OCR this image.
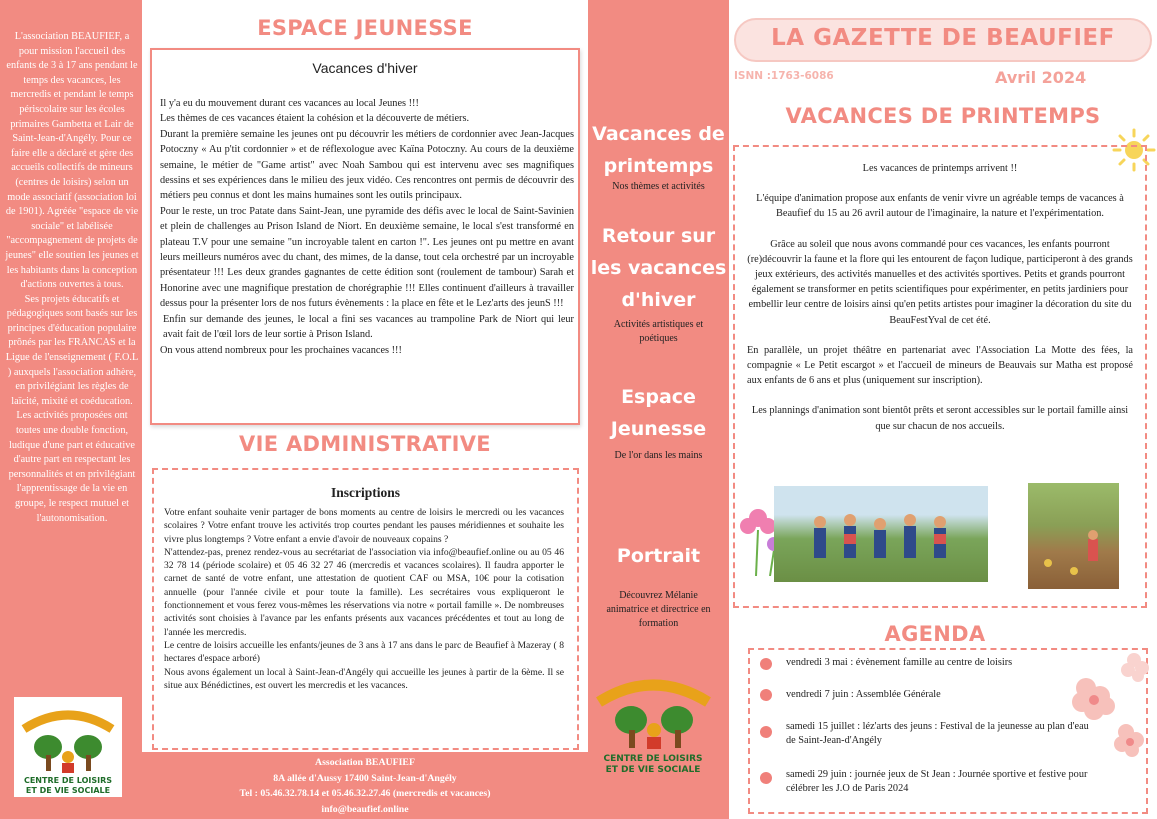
L'association BEAUFIEF, a pour mission l'accueil des enfants de 3 à 17 ans pendant le temps des vacances, les mercredis et pendant le temps périscolaire sur les écoles primaires Gambetta et Lair de Saint-Jean-d'Angély. Pour ce faire elle a déclaré et gère des accueils collectifs de mineurs (centres de loisirs) selon un mode associatif (association loi de 1901). Agréée "espace de vie sociale" et labélisée "accompagnement de projets de jeunes" elle soutien les jeunes et les habitants dans la conception d'actions ouvertes à tous.

Ses projets éducatifs et pédagogiques sont basés sur les principes d'éducation populaire prônés par les FRANCAS et la Ligue de l'enseignement ( F.O.L ) auxquels l'association adhère, en privilégiant les règles de laïcité, mixité et coéducation.

Les activités proposées ont toutes une double fonction, ludique d'une part et éducative d'autre part en respectant les personnalités et en privilégiant l'apprentissage de la vie en groupe, le respect mutuel et l'autonomisation.

CENTRE DE LOISIRS
ET DE VIE SOCIALE
ESPACE JEUNESSE
Vacances d'hiver

Il y'a eu du mouvement durant ces vacances au local Jeunes !!!

Les thèmes de ces vacances étaient la cohésion et la découverte de métiers.

Durant la première semaine les jeunes ont pu découvrir les métiers de cordonnier avec Jean-Jacques Potoczny « Au p'tit cordonnier » et de réflexologue avec Kaïna Potoczny. Au cours de la deuxième semaine, le métier de "Game artist" avec Noah Sambou qui est intervenu avec ses magnifiques dessins et ses expériences dans le milieu des jeux vidéo. Ces rencontres ont permis de découvrir des métiers peu connus et dont les mains humaines sont les outils principaux.

Pour le reste, un troc Patate dans Saint-Jean, une pyramide des défis avec le local de Saint-Savinien et plein de challenges au Prison Island de Niort. En deuxième semaine, le local s'est transformé en plateau T.V pour une semaine "un incroyable talent en carton !". Les jeunes ont pu mettre en avant leurs meilleurs numéros avec du chant, des mimes, de la danse, tout cela orchestré par un incroyable présentateur !!! Les deux grandes gagnantes de cette édition sont (roulement de tambour) Sarah et Honorine avec une magnifique prestation de chorégraphie !!! Elles continuent d'ailleurs à travailler dessus pour la présenter lors de nos futurs évènements : la place en fête et le Lez'arts des jeunS !!!

Enfin sur demande des jeunes, le local a fini ses vacances au trampoline Park de Niort qui leur avait fait de l'œil lors de leur sortie à Prison Island.

On vous attend nombreux pour les prochaines vacances !!!

VIE ADMINISTRATIVE
Inscriptions

Votre enfant souhaite venir partager de bons moments au centre de loisirs le mercredi ou les vacances scolaires ? Votre enfant trouve les activités trop courtes pendant les pauses méridiennes et souhaite les vivre plus longtemps ? Votre enfant a envie d'avoir de nouveaux copains ?

N'attendez-pas, prenez rendez-vous au secrétariat de l'association via info@beaufief.online ou au 05 46 32 78 14 (période scolaire) et 05 46 32 27 46 (mercredis et vacances scolaires). Il faudra apporter le carnet de santé de votre enfant, une attestation de quotient CAF ou MSA, 10€ pour la cotisation annuelle (pour l'année civile et pour toute la famille). Les secrétaires vous expliqueront le fonctionnement et vous ferez vous-mêmes les réservations via notre « portail famille ». De nombreuses activités sont choisies à l'avance par les enfants présents aux vacances précédentes et tout au long de l'année les mercredis.

Le centre de loisirs accueille les enfants/jeunes de 3 ans à 17 ans dans le parc de Beaufief à Mazeray ( 8 hectares d'espace arboré)

Nous avons également un local à Saint-Jean-d'Angély qui accueille les jeunes à partir de la 6ème. Il se situe aux Bénédictines, est ouvert les mercredis et les vacances.

Association BEAUFIEF
8A allée d'Aussy 17400 Saint-Jean-d'Angély
Tel : 05.46.32.78.14 et 05.46.32.27.46 (mercredis et vacances)
info@beaufief.online
Vacances de printemps
Nos thèmes et activités
Retour sur les vacances d'hiver
Activités artistiques et poétiques
Espace Jeunesse
De l'or dans les mains
Portrait
Découvrez Mélanie animatrice et directrice en formation
CENTRE DE LOISIRS
ET DE VIE SOCIALE
LA GAZETTE DE BEAUFIEF
ISNN :1763-6086	Avril 2024
VACANCES DE PRINTEMPS

Les vacances de printemps arrivent !!

L'équipe d'animation propose aux enfants de venir vivre un agréable temps de vacances à Beaufief du 15 au 26 avril autour de l'imaginaire, la nature et l'expérimentation.

Grâce au soleil que nous avons commandé pour ces vacances, les enfants pourront (re)découvrir la faune et la flore qui les entourent de façon ludique, participeront à des grands jeux extérieurs, des activités manuelles et des activités sportives. Petits et grands pourront également se transformer en petits scientifiques pour expérimenter, en petits jardiniers pour embellir leur centre de loisirs ainsi qu'en petits artistes pour imaginer la décoration du site du BeauFestYval de cet été.

En parallèle, un projet théâtre en partenariat avec l'Association La Motte des fées, la compagnie « Le Petit escargot » et l'accueil de mineurs de Beauvais sur Matha est proposé aux enfants de 6 ans et plus (uniquement sur inscription).

Les plannings d'animation sont bientôt prêts et seront accessibles sur le portail famille ainsi que sur chacun de nos accueils.

AGENDA
vendredi 3 mai : évènement famille au centre de loisirs
vendredi 7 juin : Assemblée Générale
samedi 15 juillet : léz'arts des jeuns : Festival de la jeunesse au plan d'eau de Saint-Jean-d'Angély
samedi 29 juin : journée jeux de St Jean : Journée sportive et festive pour célébrer les J.O de Paris 2024
